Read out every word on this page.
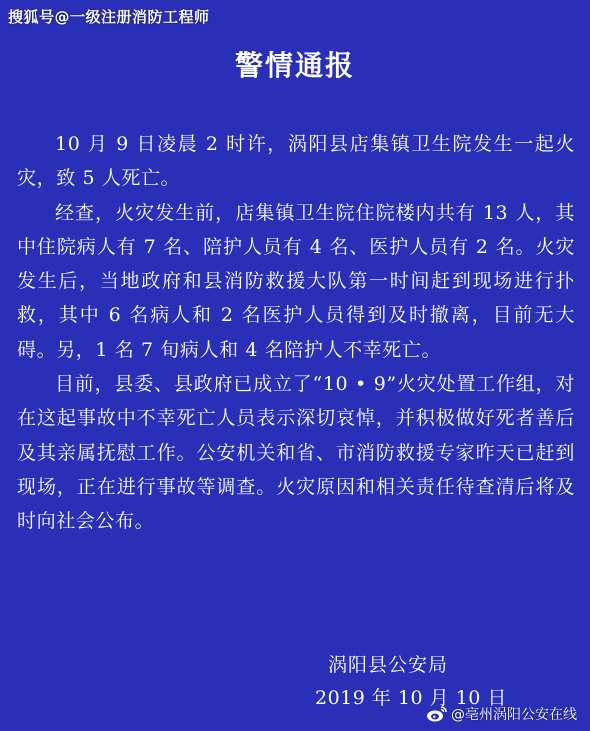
搜狐号@一级注册消防工程师
警情通报

10 月 9 日凌晨 2 时许，涡阳县店集镇卫生院发生一起火灾，致 5 人死亡。

经查，火灾发生前，店集镇卫生院住院楼内共有 13 人，其中住院病人有 7 名、陪护人员有 4 名、医护人员有 2 名。火灾发生后，当地政府和县消防救援大队第一时间赶到现场进行扑救，其中 6 名病人和 2 名医护人员得到及时撤离，目前无大碍。另，1 名 7 旬病人和 4 名陪护人不幸死亡。

目前，县委、县政府已成立了“10 • 9”火灾处置工作组，对在这起事故中不幸死亡人员表示深切哀悼，并积极做好死者善后及其亲属抚慰工作。公安机关和省、市消防救援专家昨天已赶到现场，正在进行事故等调查。火灾原因和相关责任待查清后将及时向社会公布。

涡阳县公安局
2019 年 10 月 10 日
@亳州涡阳公安在线
